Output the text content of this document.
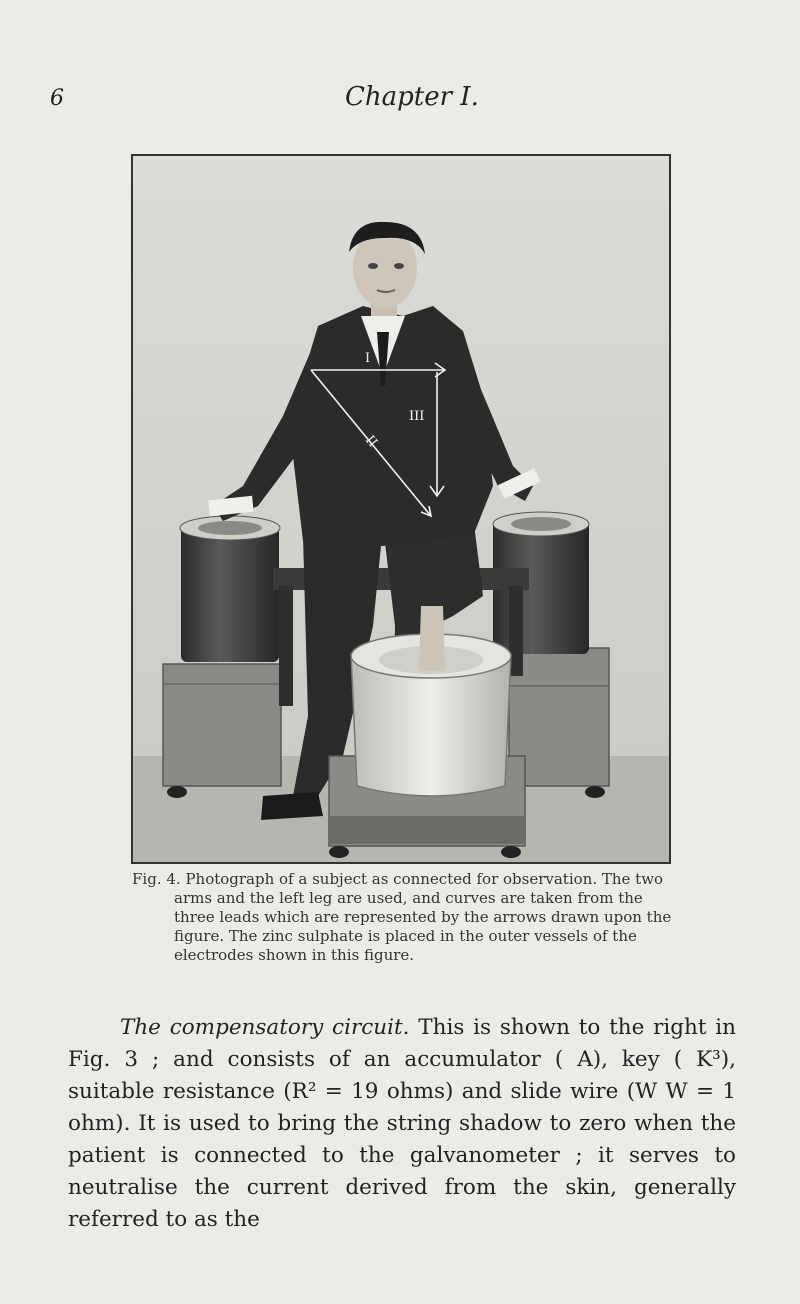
6	Chapter I.
I
II
III

Fig. 4. Photograph of a subject as connected for observation. The two arms and the left leg are used, and curves are taken from the three leads which are represented by the arrows drawn upon the figure. The zinc sulphate is placed in the outer vessels of the electrodes shown in this figure.

The compensatory circuit. This is shown to the right in Fig. 3 ; and consists of an accumulator ( A), key ( K³), suitable resistance (R² = 19 ohms) and slide wire (W W = 1 ohm). It is used to bring the string shadow to zero when the patient is connected to the galvanometer ; it serves to neutralise the current derived from the skin, generally referred to as the
